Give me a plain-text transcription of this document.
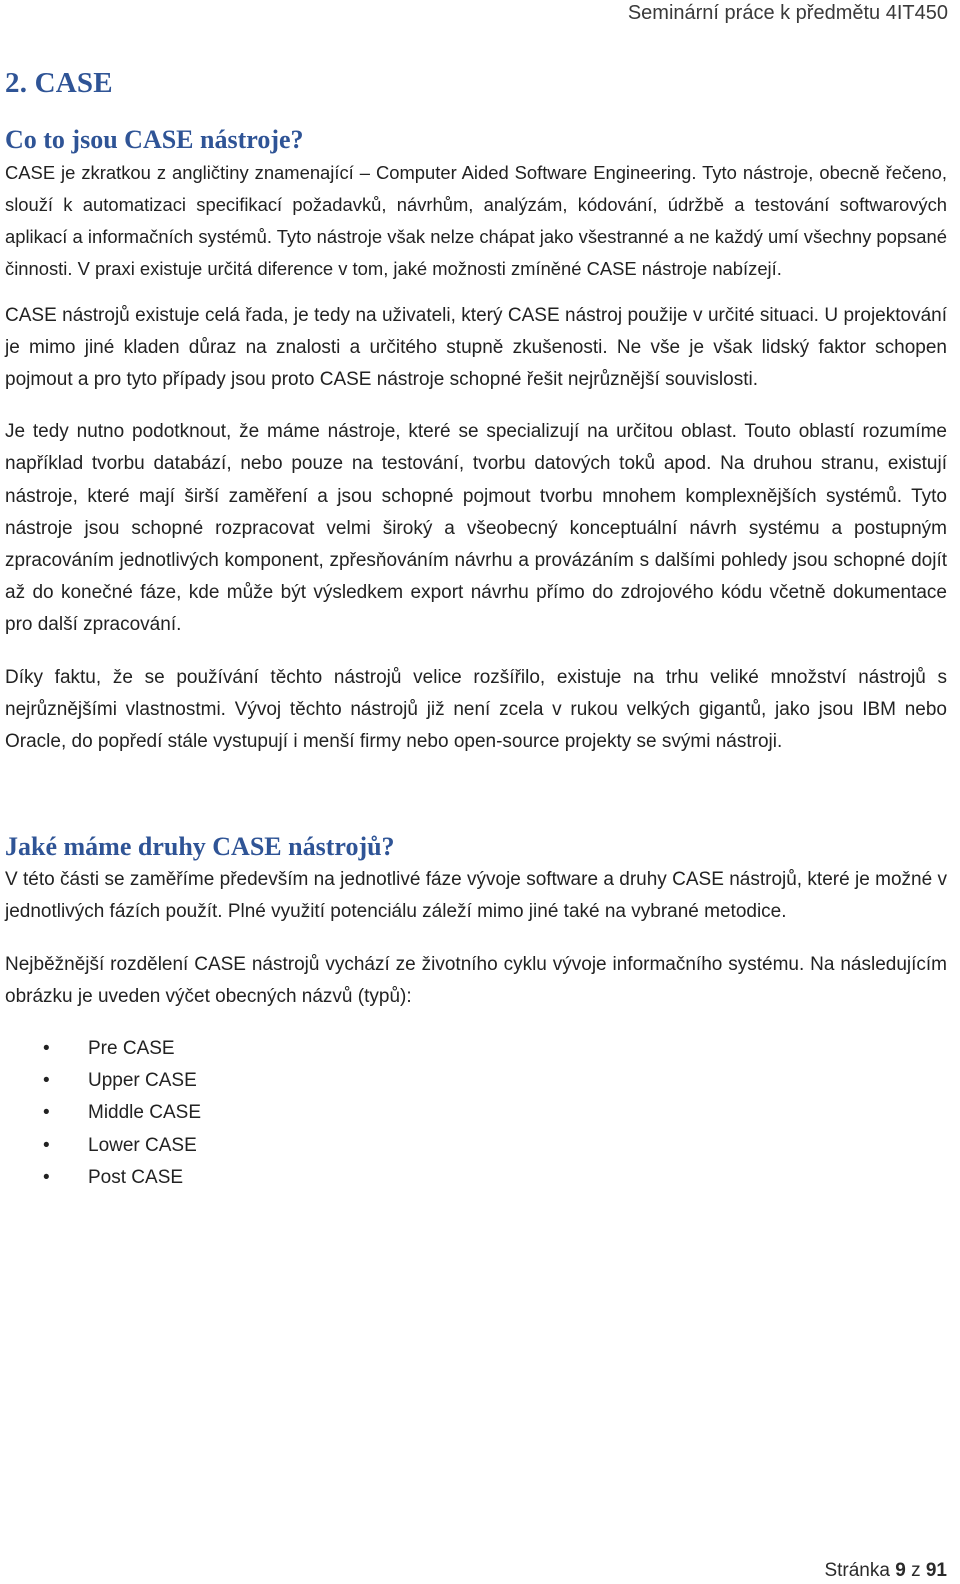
Seminární práce k předmětu 4IT450
2. CASE
Co to jsou CASE nástroje?

CASE je zkratkou z angličtiny znamenající – Computer Aided Software Engineering. Tyto nástroje, obecně řečeno, slouží k automatizaci specifikací požadavků, návrhům, analýzám, kódování, údržbě a testování softwarových aplikací a informačních systémů. Tyto nástroje však nelze chápat jako všestranné a ne každý umí všechny popsané činnosti. V praxi existuje určitá diference v tom, jaké možnosti zmíněné CASE nástroje nabízejí.

CASE nástrojů existuje celá řada, je tedy na uživateli, který CASE nástroj použije v určité situaci. U projektování je mimo jiné kladen důraz na znalosti a určitého stupně zkušenosti. Ne vše je však lidský faktor schopen pojmout a pro tyto případy jsou proto CASE nástroje schopné řešit nejrůznější souvislosti.

Je tedy nutno podotknout, že máme nástroje, které se specializují na určitou oblast. Touto oblastí rozumíme například tvorbu databází, nebo pouze na testování, tvorbu datových toků apod. Na druhou stranu, existují nástroje, které mají širší zaměření a jsou schopné pojmout tvorbu mnohem komplexnějších systémů. Tyto nástroje jsou schopné rozpracovat velmi široký a všeobecný konceptuální návrh systému a postupným zpracováním jednotlivých komponent, zpřesňováním návrhu a provázáním s dalšími pohledy jsou schopné dojít až do konečné fáze, kde může být výsledkem export návrhu přímo do zdrojového kódu včetně dokumentace pro další zpracování.

Díky faktu, že se používání těchto nástrojů velice rozšířilo, existuje na trhu veliké množství nástrojů s nejrůznějšími vlastnostmi. Vývoj těchto nástrojů již není zcela v rukou velkých gigantů, jako jsou IBM nebo Oracle, do popředí stále vystupují i menší firmy nebo open-source projekty se svými nástroji.

Jaké máme druhy CASE nástrojů?

V této části se zaměříme především na jednotlivé fáze vývoje software a druhy CASE nástrojů, které je možné v jednotlivých fázích použít. Plné využití potenciálu záleží mimo jiné také na vybrané metodice.

Nejběžnější rozdělení CASE nástrojů vychází ze životního cyklu vývoje informačního systému. Na následujícím obrázku je uveden výčet obecných názvů (typů):

• Pre CASE
• Upper CASE
• Middle CASE
• Lower CASE
• Post CASE
Stránka 9 z 91
